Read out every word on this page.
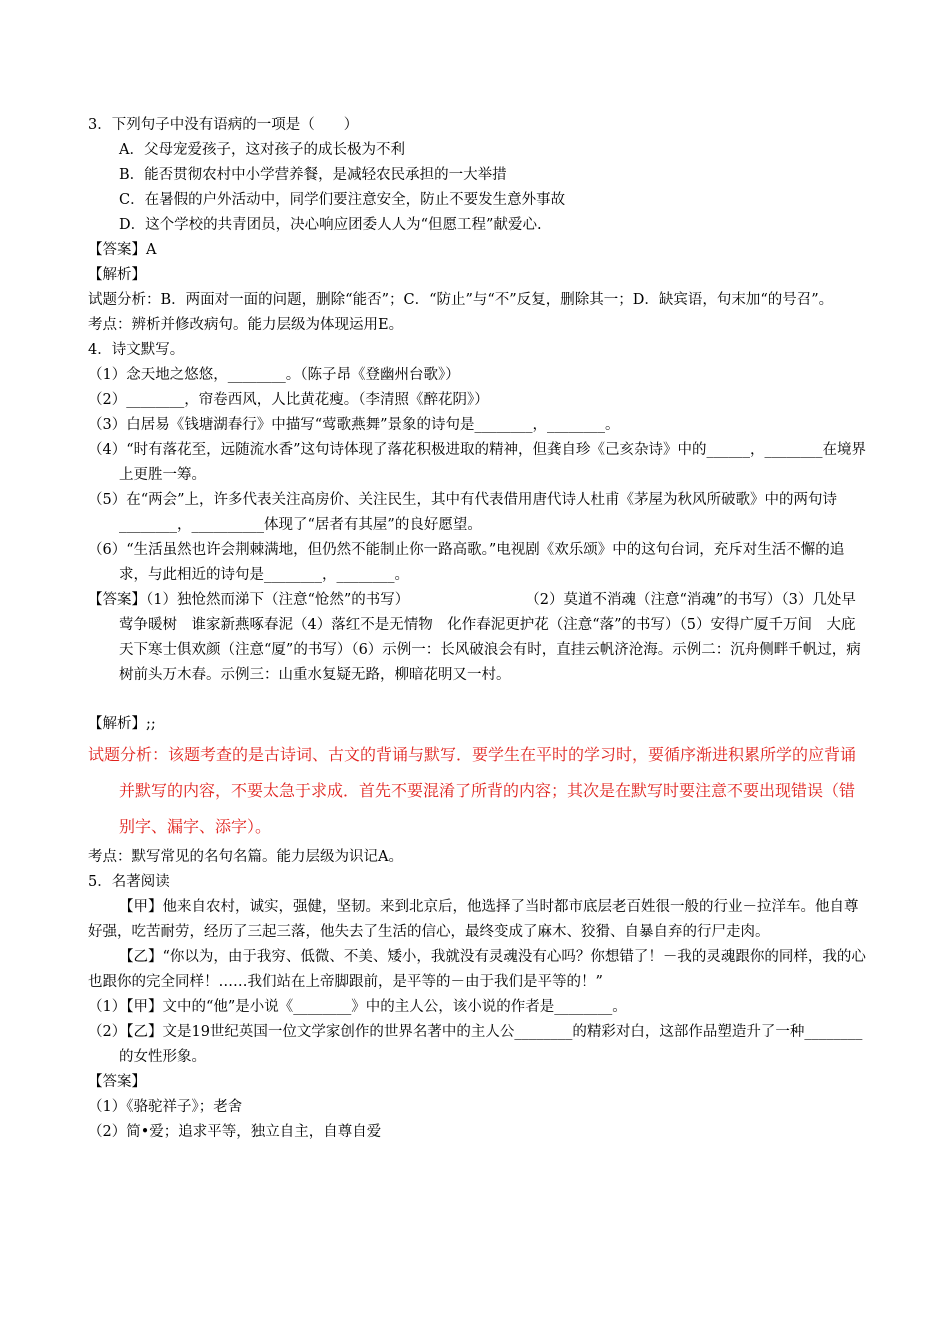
3．下列句子中没有语病的一项是（　　）
A．父母宠爱孩子，这对孩子的成长极为不利
B．能否贯彻农村中小学营养餐，是减轻农民承担的一大举措
C．在暑假的户外活动中，同学们要注意安全，防止不要发生意外事故
D．这个学校的共青团员，决心响应团委人人为“但愿工程”献爱心.
【答案】A
【解析】
试题分析：B．两面对一面的问题，删除“能否”；C．“防止”与“不”反复，删除其一；D．缺宾语，句末加“的号召”。
考点：辨析并修改病句。能力层级为体现运用E。
4．诗文默写。
（1）念天地之悠悠，________。（陈子昂《登幽州台歌》）
（2）________，帘卷西风，人比黄花瘦。（李清照《醉花阴》）
（3）白居易《钱塘湖春行》中描写“莺歌燕舞”景象的诗句是________，________。
（4）“时有落花至，远随流水香”这句诗体现了落花积极进取的精神，但龚自珍《己亥杂诗》中的______，________在境界上更胜一筹。
（5）在“两会”上，许多代表关注高房价、关注民生，其中有代表借用唐代诗人杜甫《茅屋为秋风所破歌》中的两句诗________，__________体现了“居者有其屋”的良好愿望。
（6）“生活虽然也许会荆棘满地，但仍然不能制止你一路高歌。”电视剧《欢乐颂》中的这句台词，充斥对生活不懈的追求，与此相近的诗句是________，________。
【答案】（1）独怆然而涕下（注意“怆然”的书写）　　　　　　　　　（2）莫道不消魂（注意“消魂”的书写）（3）几处早莺争暖树　谁家新燕啄春泥（4）落红不是无情物　化作春泥更护花（注意“落”的书写）（5）安得广厦千万间　大庇天下寒士俱欢颜（注意“厦”的书写）（6）示例一：长风破浪会有时，直挂云帆济沧海。示例二：沉舟侧畔千帆过，病树前头万木春。示例三：山重水复疑无路，柳暗花明又一村。
【解析】;;
试题分析：该题考查的是古诗词、古文的背诵与默写．要学生在平时的学习时，要循序渐进积累所学的应背诵并默写的内容，不要太急于求成．首先不要混淆了所背的内容；其次是在默写时要注意不要出现错误（错别字、漏字、添字）。
考点：默写常见的名句名篇。能力层级为识记A。
5．名著阅读
【甲】他来自农村，诚实，强健，坚韧。来到北京后，他选择了当时都市底层老百姓很一般的行业－拉洋车。他自尊好强，吃苦耐劳，经历了三起三落，他失去了生活的信心，最终变成了麻木、狡猾、自暴自弃的行尸走肉。
【乙】“你以为，由于我穷、低微、不美、矮小，我就没有灵魂没有心吗？你想错了！－我的灵魂跟你的同样，我的心也跟你的完全同样！……我们站在上帝脚跟前，是平等的－由于我们是平等的！”
（1）【甲】文中的“他”是小说《________》中的主人公，该小说的作者是________。
（2）【乙】文是19世纪英国一位文学家创作的世界名著中的主人公________的精彩对白，这部作品塑造升了一种________的女性形象。
【答案】
（1）《骆驼祥子》；老舍
（2）简•爱；追求平等，独立自主，自尊自爱
